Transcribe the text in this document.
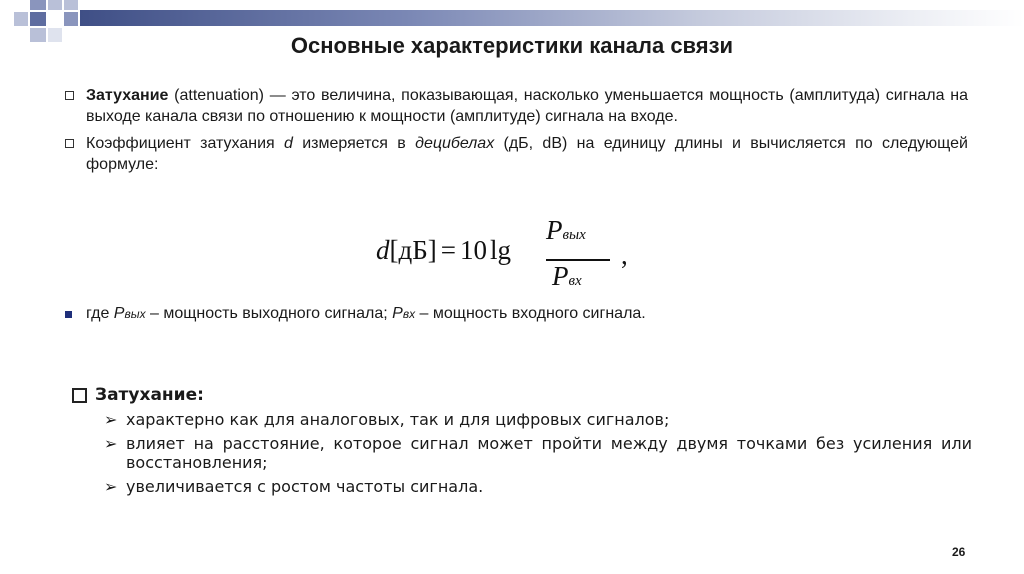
Основные характеристики канала связи
Затухание (attenuation) — это величина, показывающая, насколько уменьшается мощность (амплитуда) сигнала на выходе канала связи по отношению к мощности (амплитуде) сигнала на входе.
Коэффициент затухания d измеряется в децибелах (дБ, dB) на единицу длины и вычисляется по следующей формуле:
d[дБ] = 10 lg
Pвых
Pвх
,
где Pвых – мощность выходного сигнала; Pвх – мощность входного сигнала.
Затухание:
➢ характерно как для аналоговых, так и для цифровых сигналов;
➢ влияет на расстояние, которое сигнал может пройти между двумя точками без усиления или восстановления;
➢ увеличивается с ростом частоты сигнала.
26
